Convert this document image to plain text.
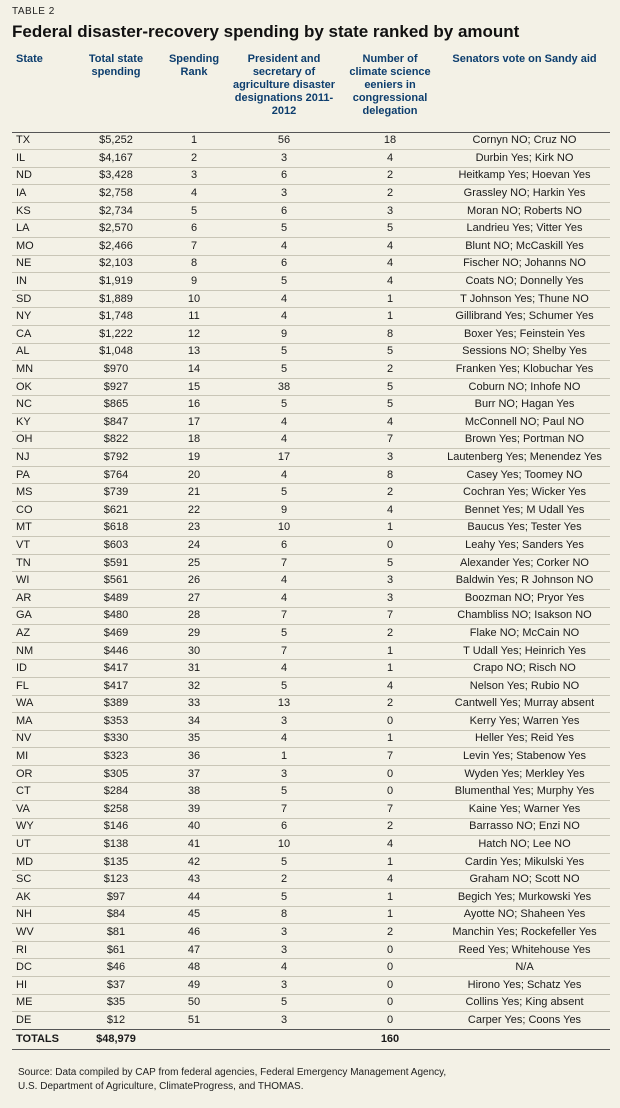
TABLE 2
Federal disaster-recovery spending by state ranked by amount
State	Total state spending	Spending Rank	President and secretary of agriculture disaster designations 2011-2012	Number of climate science eeniers in congressional delegation	Senators vote on Sandy aid
TX	$5,252	1	56	18	Cornyn NO; Cruz NO
IL	$4,167	2	3	4	Durbin Yes; Kirk NO
ND	$3,428	3	6	2	Heitkamp Yes; Hoevan Yes
IA	$2,758	4	3	2	Grassley NO; Harkin Yes
KS	$2,734	5	6	3	Moran NO; Roberts NO
LA	$2,570	6	5	5	Landrieu Yes; Vitter Yes
MO	$2,466	7	4	4	Blunt NO; McCaskill Yes
NE	$2,103	8	6	4	Fischer NO; Johanns NO
IN	$1,919	9	5	4	Coats NO; Donnelly Yes
SD	$1,889	10	4	1	T Johnson Yes; Thune NO
NY	$1,748	11	4	1	Gillibrand Yes; Schumer Yes
CA	$1,222	12	9	8	Boxer Yes; Feinstein Yes
AL	$1,048	13	5	5	Sessions NO; Shelby Yes
MN	$970	14	5	2	Franken Yes; Klobuchar Yes
OK	$927	15	38	5	Coburn NO; Inhofe NO
NC	$865	16	5	5	Burr NO; Hagan Yes
KY	$847	17	4	4	McConnell NO; Paul NO
OH	$822	18	4	7	Brown Yes; Portman NO
NJ	$792	19	17	3	Lautenberg Yes; Menendez Yes
PA	$764	20	4	8	Casey Yes; Toomey NO
MS	$739	21	5	2	Cochran Yes; Wicker Yes
CO	$621	22	9	4	Bennet Yes; M Udall Yes
MT	$618	23	10	1	Baucus Yes; Tester Yes
VT	$603	24	6	0	Leahy Yes; Sanders Yes
TN	$591	25	7	5	Alexander Yes; Corker NO
WI	$561	26	4	3	Baldwin Yes; R Johnson NO
AR	$489	27	4	3	Boozman NO; Pryor Yes
GA	$480	28	7	7	Chambliss NO; Isakson NO
AZ	$469	29	5	2	Flake NO; McCain NO
NM	$446	30	7	1	T Udall Yes; Heinrich Yes
ID	$417	31	4	1	Crapo NO; Risch NO
FL	$417	32	5	4	Nelson Yes; Rubio NO
WA	$389	33	13	2	Cantwell Yes; Murray absent
MA	$353	34	3	0	Kerry Yes; Warren Yes
NV	$330	35	4	1	Heller Yes; Reid Yes
MI	$323	36	1	7	Levin Yes; Stabenow Yes
OR	$305	37	3	0	Wyden Yes; Merkley Yes
CT	$284	38	5	0	Blumenthal Yes; Murphy Yes
VA	$258	39	7	7	Kaine Yes; Warner Yes
WY	$146	40	6	2	Barrasso NO; Enzi NO
UT	$138	41	10	4	Hatch NO; Lee NO
MD	$135	42	5	1	Cardin Yes; Mikulski Yes
SC	$123	43	2	4	Graham NO; Scott NO
AK	$97	44	5	1	Begich Yes; Murkowski Yes
NH	$84	45	8	1	Ayotte NO; Shaheen Yes
WV	$81	46	3	2	Manchin Yes; Rockefeller Yes
RI	$61	47	3	0	Reed Yes; Whitehouse Yes
DC	$46	48	4	0	N/A
HI	$37	49	3	0	Hirono Yes; Schatz Yes
ME	$35	50	5	0	Collins Yes; King absent
DE	$12	51	3	0	Carper Yes; Coons Yes
TOTALS	$48,979			160	
Source: Data compiled by CAP from federal agencies, Federal Emergency Management Agency,
U.S. Department of Agriculture, ClimateProgress, and THOMAS.
